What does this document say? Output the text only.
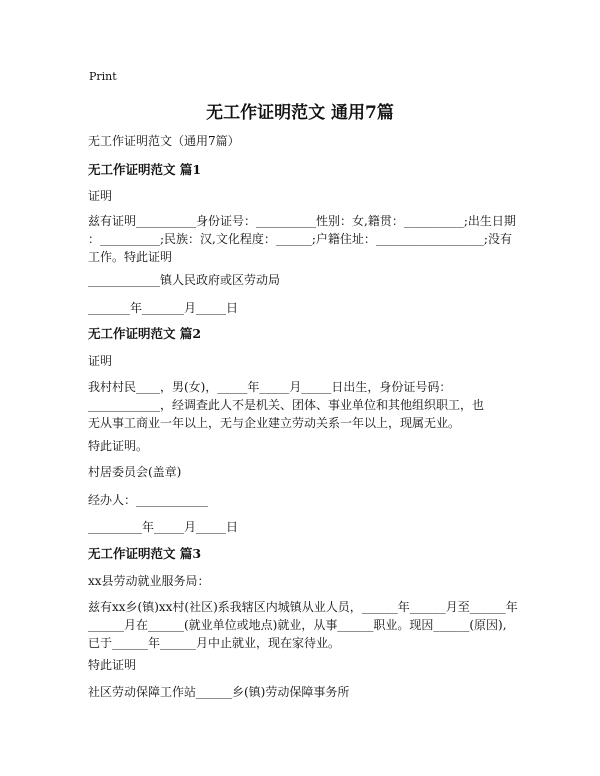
Print
无工作证明范文 通用7篇
无工作证明范文（通用7篇）
无工作证明范文 篇1
证明
兹有证明__________身份证号：__________性别：女,籍贯：__________;出生日期
：__________;民族：汉,文化程度：______;户籍住址：__________________;没有
工作。特此证明
____________镇人民政府或区劳动局
_______年_______月_____日
无工作证明范文 篇2
证明
我村村民____，男(女)，_____年_____月_____日出生，身份证号码：
____________，经调查此人不是机关、团体、事业单位和其他组织职工，也
无从事工商业一年以上，无与企业建立劳动关系一年以上，现属无业。
特此证明。
村居委员会(盖章)
经办人：____________
_________年_____月_____日
无工作证明范文 篇3
xx县劳动就业服务局：
兹有xx乡(镇)xx村(社区)系我辖区内城镇从业人员，______年______月至______年
______月在______(就业单位或地点)就业，从事______职业。现因______(原因),
已于______年______月中止就业，现在家待业。
特此证明
社区劳动保障工作站______乡(镇)劳动保障事务所
